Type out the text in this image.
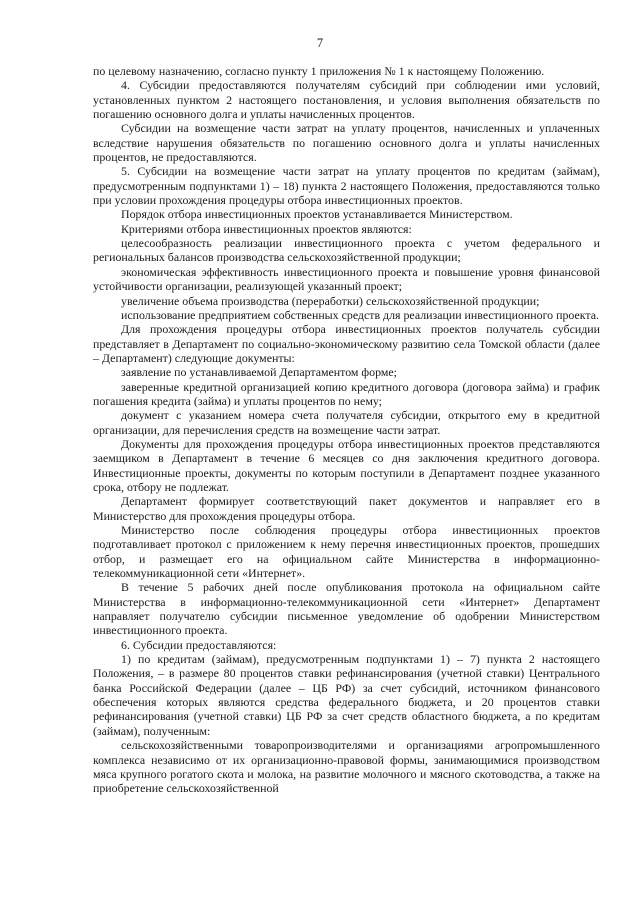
7

по целевому назначению, согласно пункту 1 приложения № 1 к настоящему Положению.

4. Субсидии предоставляются получателям субсидий при соблюдении ими условий, установленных пунктом 2 настоящего постановления, и условия выполнения обязательств по погашению основного долга и уплаты начисленных процентов.

Субсидии на возмещение части затрат на уплату процентов, начисленных и уплаченных вследствие нарушения обязательств по погашению основного долга и уплаты начисленных процентов, не предоставляются.

5. Субсидии на возмещение части затрат на уплату процентов по кредитам (займам), предусмотренным подпунктами 1) – 18) пункта 2 настоящего Положения, предоставляются только при условии прохождения процедуры отбора инвестиционных проектов.

Порядок отбора инвестиционных проектов устанавливается Министерством.

Критериями отбора инвестиционных проектов являются:

целесообразность реализации инвестиционного проекта с учетом федерального и региональных балансов производства сельскохозяйственной продукции;

экономическая эффективность инвестиционного проекта и повышение уровня финансовой устойчивости организации, реализующей указанный проект;

увеличение объема производства (переработки) сельскохозяйственной продукции;

использование предприятием собственных средств для реализации инвестиционного проекта.

Для прохождения процедуры отбора инвестиционных проектов получатель субсидии представляет в Департамент по социально-экономическому развитию села Томской области (далее – Департамент) следующие документы:

заявление по устанавливаемой Департаментом форме;

заверенные кредитной организацией копию кредитного договора (договора займа) и график погашения кредита (займа) и уплаты процентов по нему;

документ с указанием номера счета получателя субсидии, открытого ему в кредитной организации, для перечисления средств на возмещение части затрат.

Документы для прохождения процедуры отбора инвестиционных проектов представляются заемщиком в Департамент в течение 6 месяцев со дня заключения кредитного договора. Инвестиционные проекты, документы по которым поступили в Департамент позднее указанного срока, отбору не подлежат.

Департамент формирует соответствующий пакет документов и направляет его в Министерство для прохождения процедуры отбора.

Министерство после соблюдения процедуры отбора инвестиционных проектов подготавливает протокол с приложением к нему перечня инвестиционных проектов, прошедших отбор, и размещает его на официальном сайте Министерства в информационно-телекоммуникационной сети «Интернет».

В течение 5 рабочих дней после опубликования протокола на официальном сайте Министерства в информационно-телекоммуникационной сети «Интернет» Департамент направляет получателю субсидии письменное уведомление об одобрении Министерством инвестиционного проекта.

6. Субсидии предоставляются:

1) по кредитам (займам), предусмотренным подпунктами 1) – 7) пункта 2 настоящего Положения, – в размере 80 процентов ставки рефинансирования (учетной ставки) Центрального банка Российской Федерации (далее – ЦБ РФ) за счет субсидий, источником финансового обеспечения которых являются средства федерального бюджета, и 20 процентов ставки рефинансирования (учетной ставки) ЦБ РФ за счет средств областного бюджета, а по кредитам (займам), полученным:

сельскохозяйственными товаропроизводителями и организациями агропромышленного комплекса независимо от их организационно-правовой формы, занимающимися производством мяса крупного рогатого скота и молока, на развитие молочного и мясного скотоводства, а также на приобретение сельскохозяйственной
